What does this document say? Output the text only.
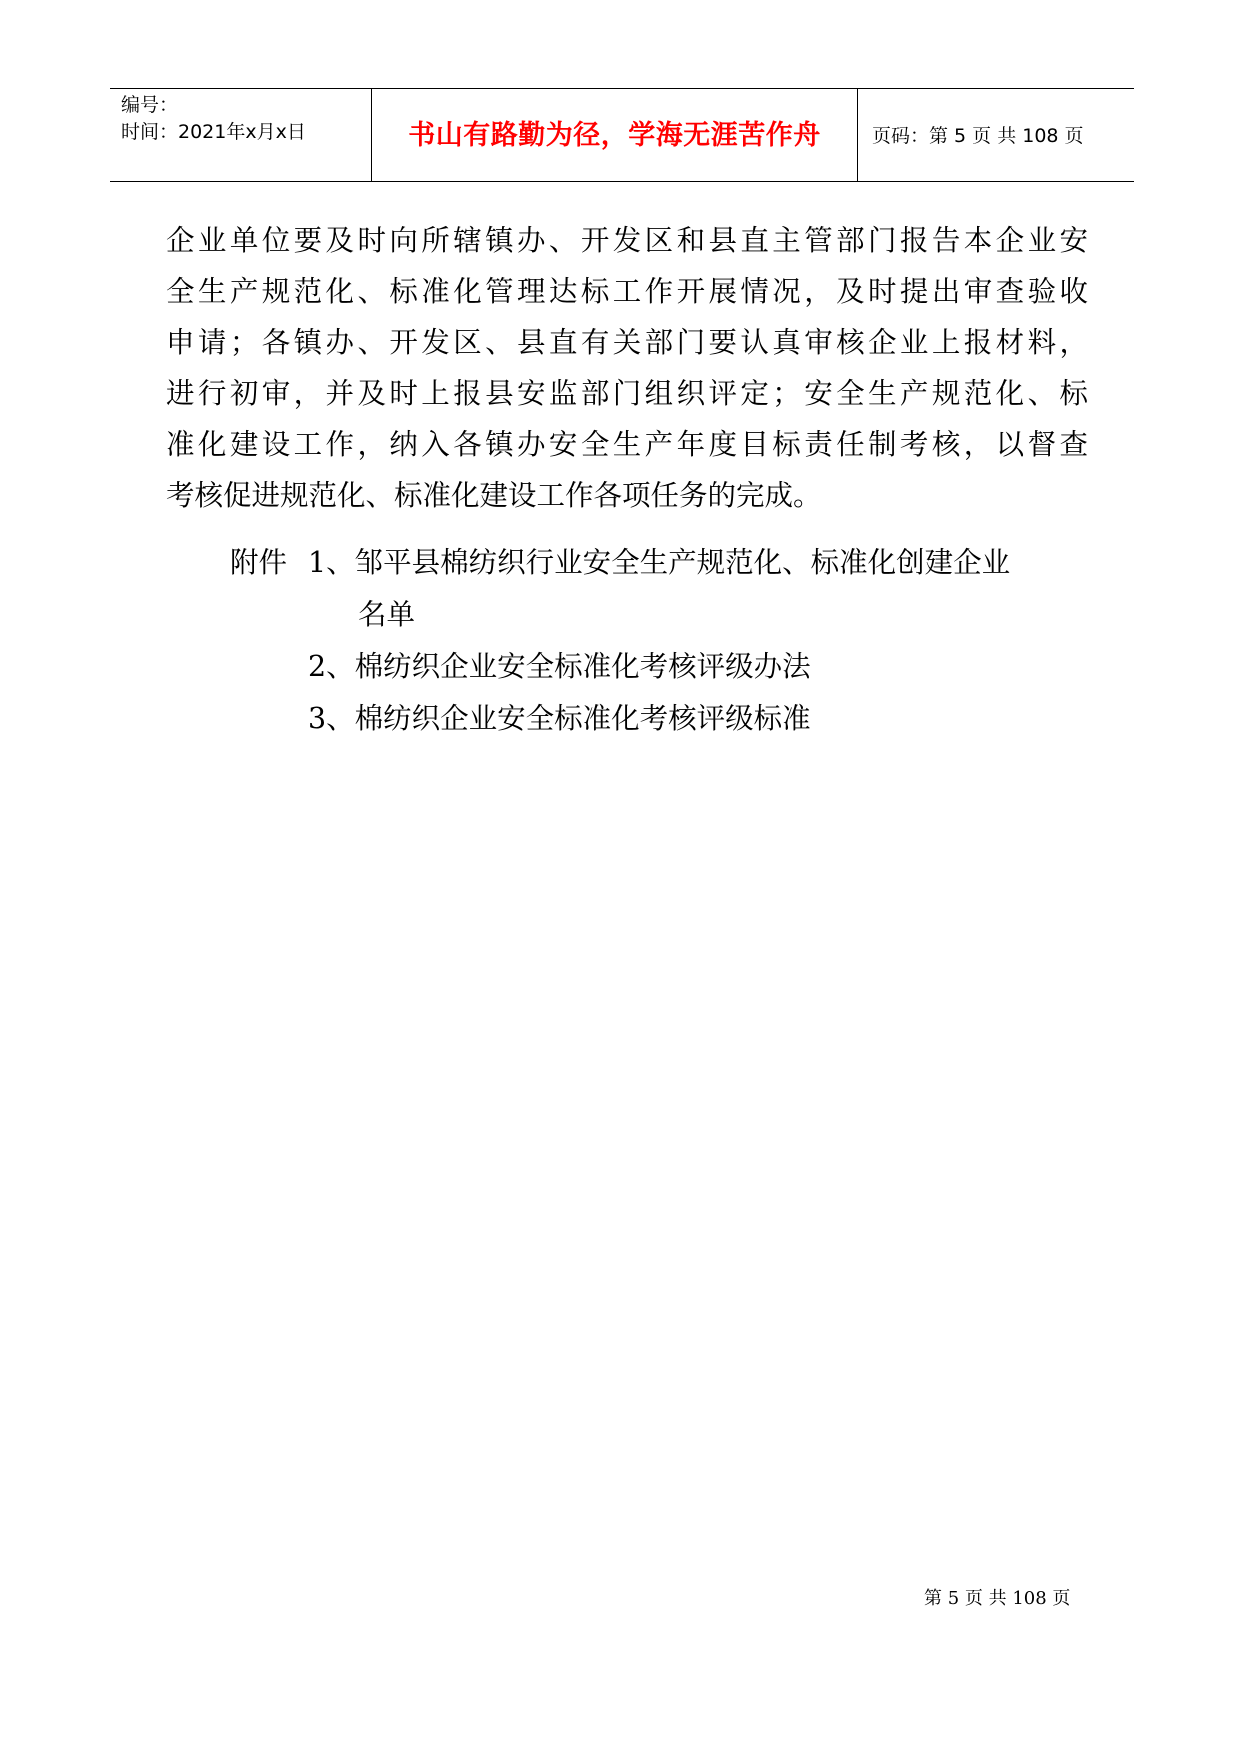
编号：
时间：2021年x月x日	书山有路勤为径，学海无涯苦作舟	页码：第 5 页 共 108 页
企业单位要及时向所辖镇办、开发区和县直主管部门报告本企业安
全生产规范化、标准化管理达标工作开展情况，及时提出审查验收
申请；各镇办、开发区、县直有关部门要认真审核企业上报材料，
进行初审，并及时上报县安监部门组织评定；安全生产规范化、标
准化建设工作，纳入各镇办安全生产年度目标责任制考核，以督查
考核促进规范化、标准化建设工作各项任务的完成。
附件 1、邹平县棉纺织行业安全生产规范化、标准化创建企业
名单
2、棉纺织企业安全标准化考核评级办法
3、棉纺织企业安全标准化考核评级标准
第 5 页 共 108 页
